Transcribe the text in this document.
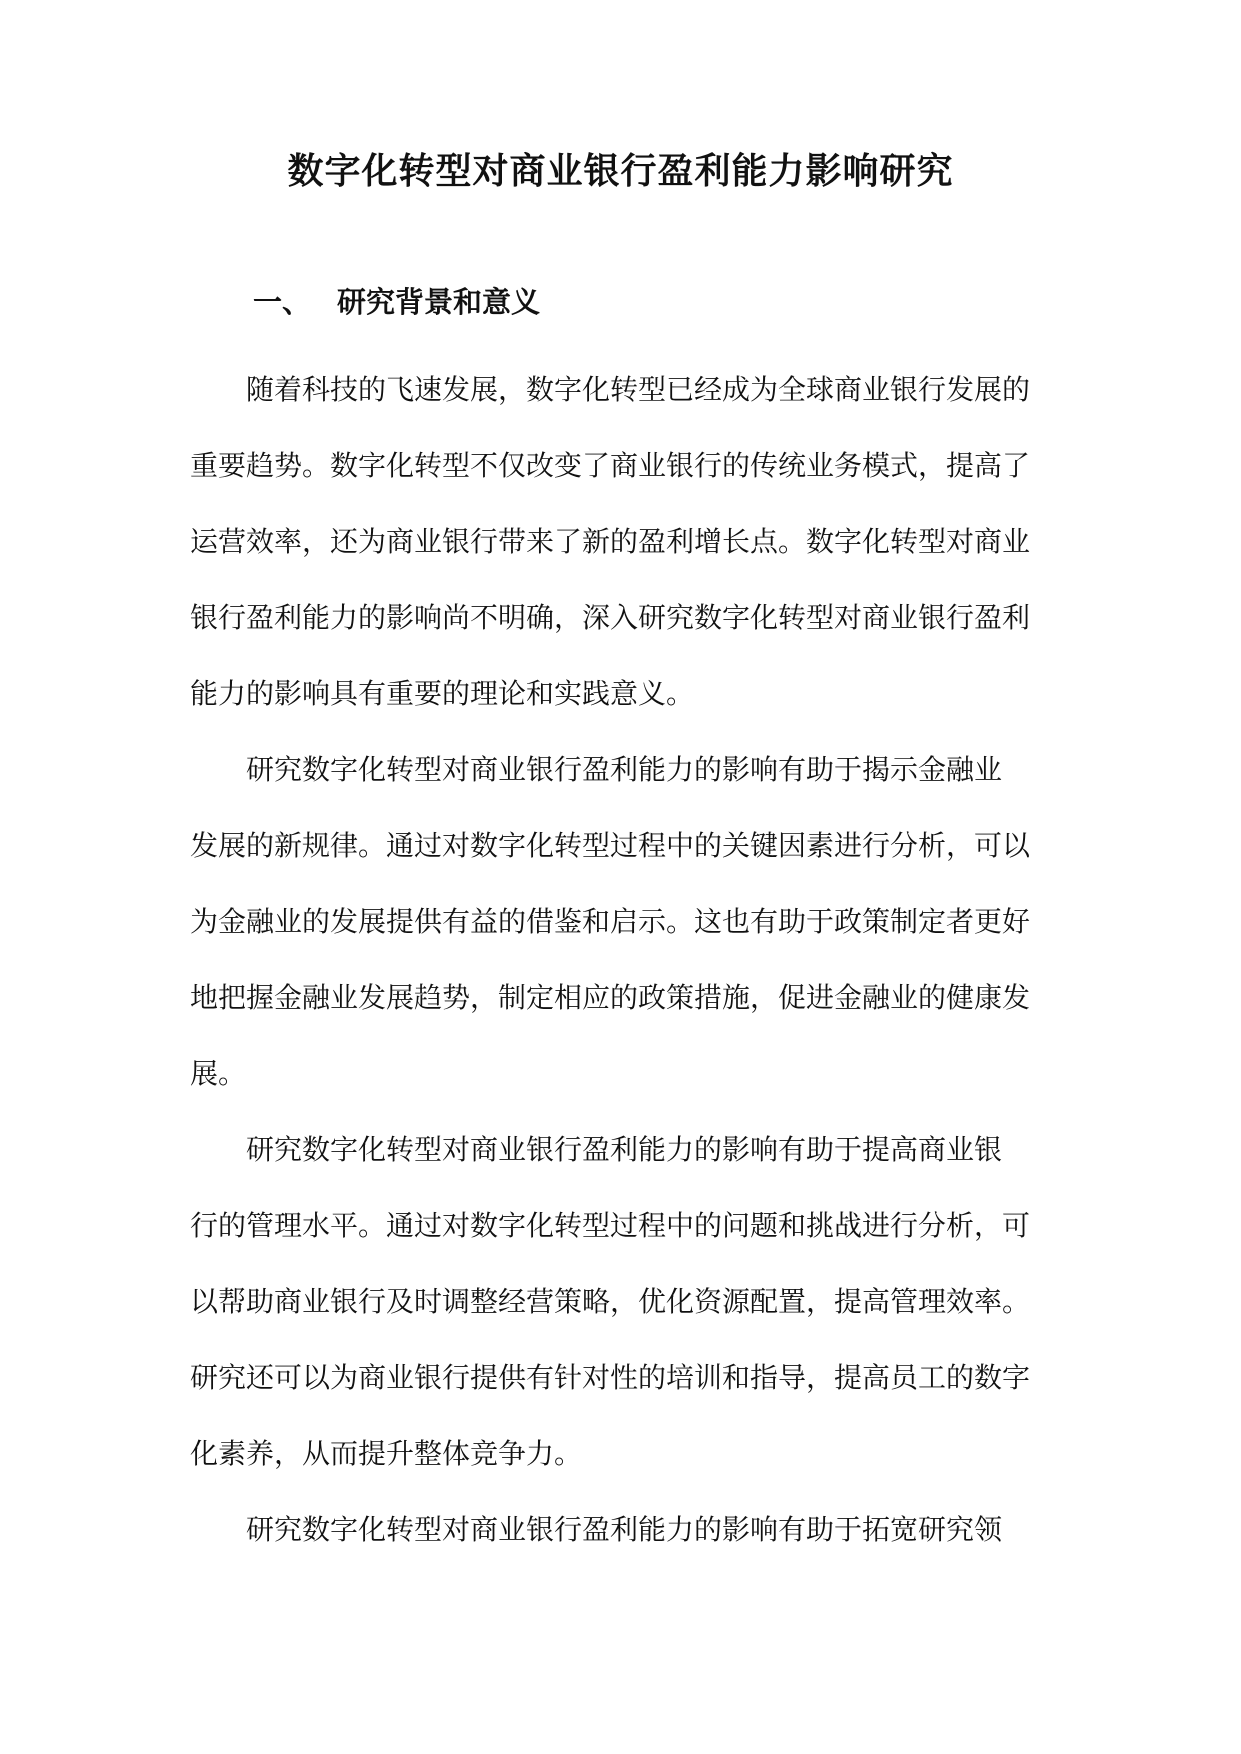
数字化转型对商业银行盈利能力影响研究
一、 研究背景和意义

随着科技的飞速发展，数字化转型已经成为全球商业银行发展的

重要趋势。数字化转型不仅改变了商业银行的传统业务模式，提高了

运营效率，还为商业银行带来了新的盈利增长点。数字化转型对商业

银行盈利能力的影响尚不明确，深入研究数字化转型对商业银行盈利

能力的影响具有重要的理论和实践意义。

研究数字化转型对商业银行盈利能力的影响有助于揭示金融业

发展的新规律。通过对数字化转型过程中的关键因素进行分析，可以

为金融业的发展提供有益的借鉴和启示。这也有助于政策制定者更好

地把握金融业发展趋势，制定相应的政策措施，促进金融业的健康发

展。

研究数字化转型对商业银行盈利能力的影响有助于提高商业银

行的管理水平。通过对数字化转型过程中的问题和挑战进行分析，可

以帮助商业银行及时调整经营策略，优化资源配置，提高管理效率。

研究还可以为商业银行提供有针对性的培训和指导，提高员工的数字

化素养，从而提升整体竞争力。

研究数字化转型对商业银行盈利能力的影响有助于拓宽研究领
